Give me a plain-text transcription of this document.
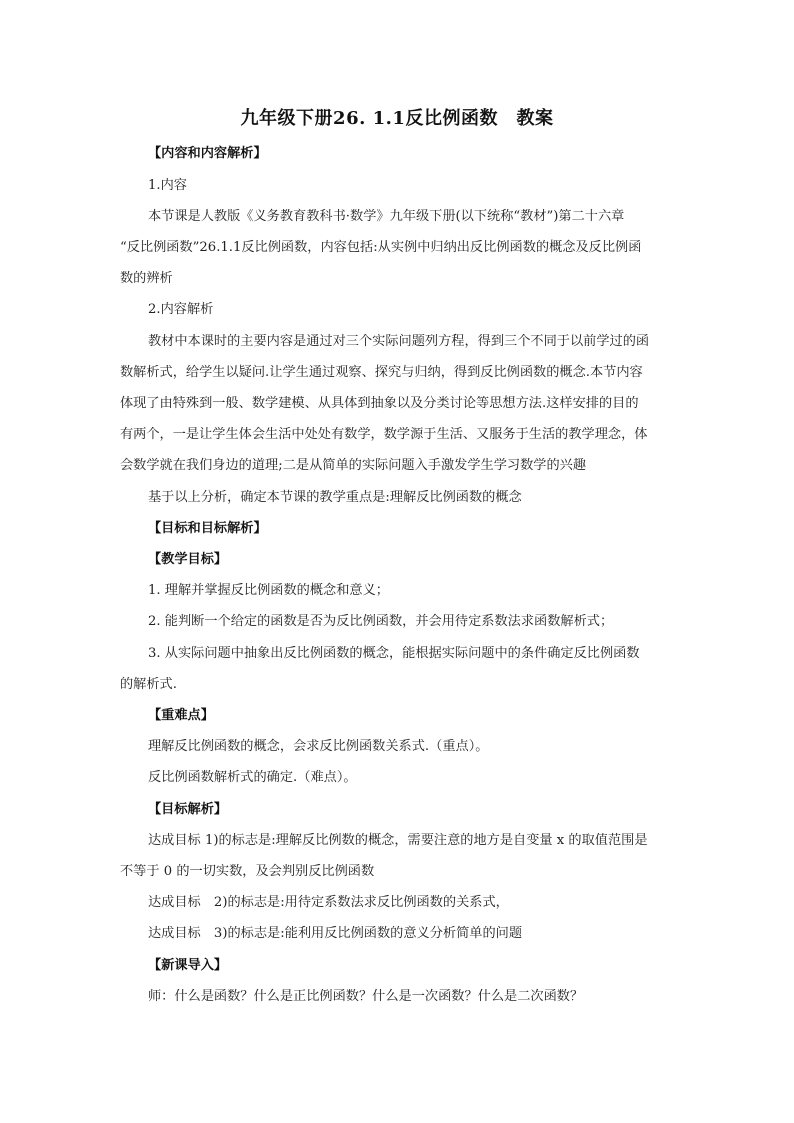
九年级下册26. 1.1反比例函数　教案
【内容和内容解析】
1.内容
本节课是人教版《义务教育教科书·数学》九年级下册(以下统称“教材”)第二十六章
“反比例函数”26.1.1反比例函数，内容包括:从实例中归纳出反比例函数的概念及反比例函
数的辨析
2.内容解析
教材中本课时的主要内容是通过对三个实际问题列方程，得到三个不同于以前学过的函
数解析式，给学生以疑问.让学生通过观察、探究与归纳，得到反比例函数的概念.本节内容
体现了由特殊到一般、数学建模、从具体到抽象以及分类讨论等思想方法.这样安排的目的
有两个，一是让学生体会生活中处处有数学，数学源于生活、又服务于生活的教学理念，体
会数学就在我们身边的道理;二是从简单的实际问题入手激发学生学习数学的兴趣
基于以上分析，确定本节课的教学重点是:理解反比例函数的概念
【目标和目标解析】
【教学目标】
1. 理解并掌握反比例函数的概念和意义；
2. 能判断一个给定的函数是否为反比例函数，并会用待定系数法求函数解析式；
3. 从实际问题中抽象出反比例函数的概念，能根据实际问题中的条件确定反比例函数
的解析式.
【重难点】
理解反比例函数的概念，会求反比例函数关系式.（重点）。
反比例函数解析式的确定.（难点）。
【目标解析】
达成目标 1)的标志是:理解反比例数的概念，需要注意的地方是自变量 x 的取值范围是
不等于 0 的一切实数，及会判别反比例函数
达成目标　2)的标志是:用待定系数法求反比例函数的关系式，
达成目标　3)的标志是:能利用反比例函数的意义分析简单的问题
【新课导入】
师：什么是函数？什么是正比例函数？什么是一次函数？什么是二次函数？
